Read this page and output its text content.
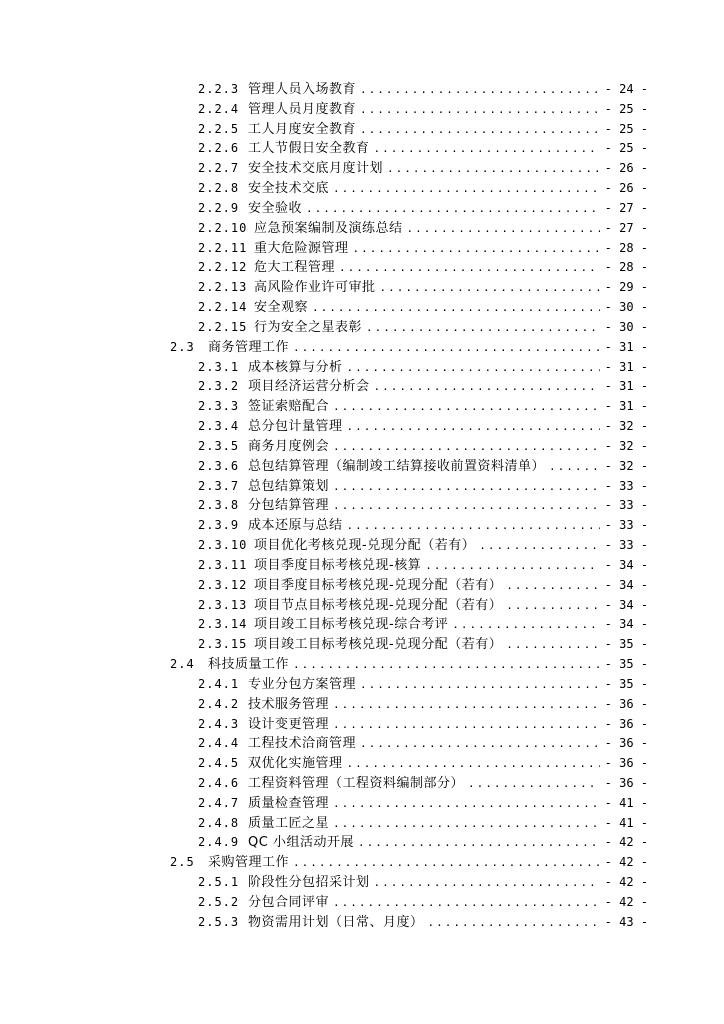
2.2.3 管理人员入场教育 .....	- 24 -
2.2.4 管理人员月度教育 .....	- 25 -
2.2.5 工人月度安全教育 .....	- 25 -
2.2.6 工人节假日安全教育 .....	- 25 -
2.2.7 安全技术交底月度计划 .....	- 26 -
2.2.8 安全技术交底 .....	- 26 -
2.2.9 安全验收 .....	- 27 -
2.2.10 应急预案编制及演练总结 .....	- 27 -
2.2.11 重大危险源管理 .....	- 28 -
2.2.12 危大工程管理 .....	- 28 -
2.2.13 高风险作业许可审批 .....	- 29 -
2.2.14 安全观察 .....	- 30 -
2.2.15 行为安全之星表彰 .....	- 30 -
2.3	商务管理工作 .....	- 31 -
2.3.1 成本核算与分析 .....	- 31 -
2.3.2 项目经济运营分析会 .....	- 31 -
2.3.3 签证索赔配合 .....	- 31 -
2.3.4 总分包计量管理 .....	- 32 -
2.3.5 商务月度例会 .....	- 32 -
2.3.6 总包结算管理（编制竣工结算接收前置资料清单） .....	- 32 -
2.3.7 总包结算策划 .....	- 33 -
2.3.8 分包结算管理 .....	- 33 -
2.3.9 成本还原与总结 .....	- 33 -
2.3.10 项目优化考核兑现-兑现分配（若有） .....	- 33 -
2.3.11 项目季度目标考核兑现-核算 .....	- 34 -
2.3.12 项目季度目标考核兑现-兑现分配（若有） .....	- 34 -
2.3.13 项目节点目标考核兑现-兑现分配（若有） .....	- 34 -
2.3.14 项目竣工目标考核兑现-综合考评 .....	- 34 -
2.3.15 项目竣工目标考核兑现-兑现分配（若有） .....	- 35 -
2.4	科技质量工作 .....	- 35 -
2.4.1 专业分包方案管理 .....	- 35 -
2.4.2 技术服务管理 .....	- 36 -
2.4.3 设计变更管理 .....	- 36 -
2.4.4 工程技术洽商管理 .....	- 36 -
2.4.5 双优化实施管理 .....	- 36 -
2.4.6 工程资料管理（工程资料编制部分） .....	- 36 -
2.4.7 质量检查管理 .....	- 41 -
2.4.8 质量工匠之星 .....	- 41 -
2.4.9 QC 小组活动开展 .....	- 42 -
2.5	采购管理工作 .....	- 42 -
2.5.1 阶段性分包招采计划 .....	- 42 -
2.5.2 分包合同评审 .....	- 42 -
2.5.3 物资需用计划（日常、月度） .....	- 43 -
